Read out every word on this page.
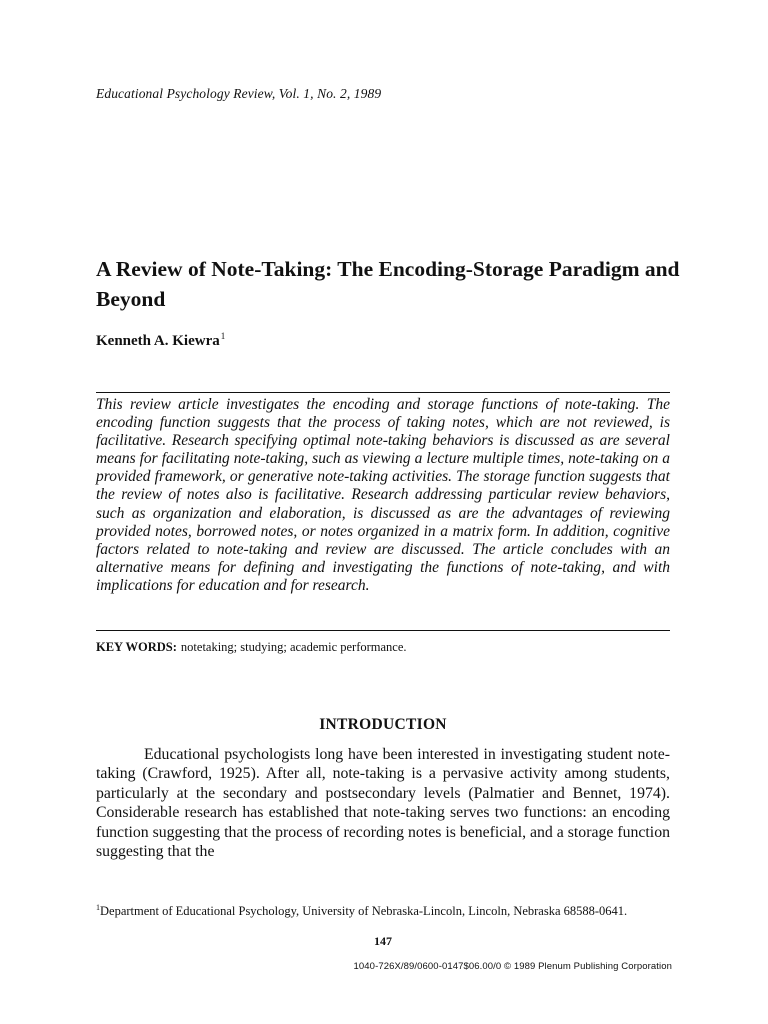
Educational Psychology Review, Vol. 1, No. 2, 1989
A Review of Note-Taking: The Encoding-Storage Paradigm and Beyond
Kenneth A. Kiewra$^1$

This review article investigates the encoding and storage functions of note-taking. The encoding function suggests that the process of taking notes, which are not reviewed, is facilitative. Research specifying optimal note-taking behaviors is discussed as are several means for facilitating note-taking, such as viewing a lecture multiple times, note-taking on a provided framework, or generative note-taking activities. The storage function suggests that the review of notes also is facilitative. Research addressing particular review behaviors, such as organization and elaboration, is discussed as are the advantages of reviewing provided notes, borrowed notes, or notes organized in a matrix form. In addition, cognitive factors related to note-taking and review are discussed. The article concludes with an alternative means for defining and investigating the functions of note-taking, and with implications for education and for research.

KEY WORDS: notetaking; studying; academic performance.
INTRODUCTION

Educational psychologists long have been interested in investigating student note-taking (Crawford, 1925). After all, note-taking is a pervasive activity among students, particularly at the secondary and postsecondary levels (Palmatier and Bennet, 1974). Considerable research has established that note-taking serves two functions: an encoding function suggesting that the process of recording notes is beneficial, and a storage function suggesting that the

$^1$Department of Educational Psychology, University of Nebraska-Lincoln, Lincoln, Nebraska 68588-0641.

147
1040-726X/89/0600-0147$06.00/0 © 1989 Plenum Publishing Corporation
